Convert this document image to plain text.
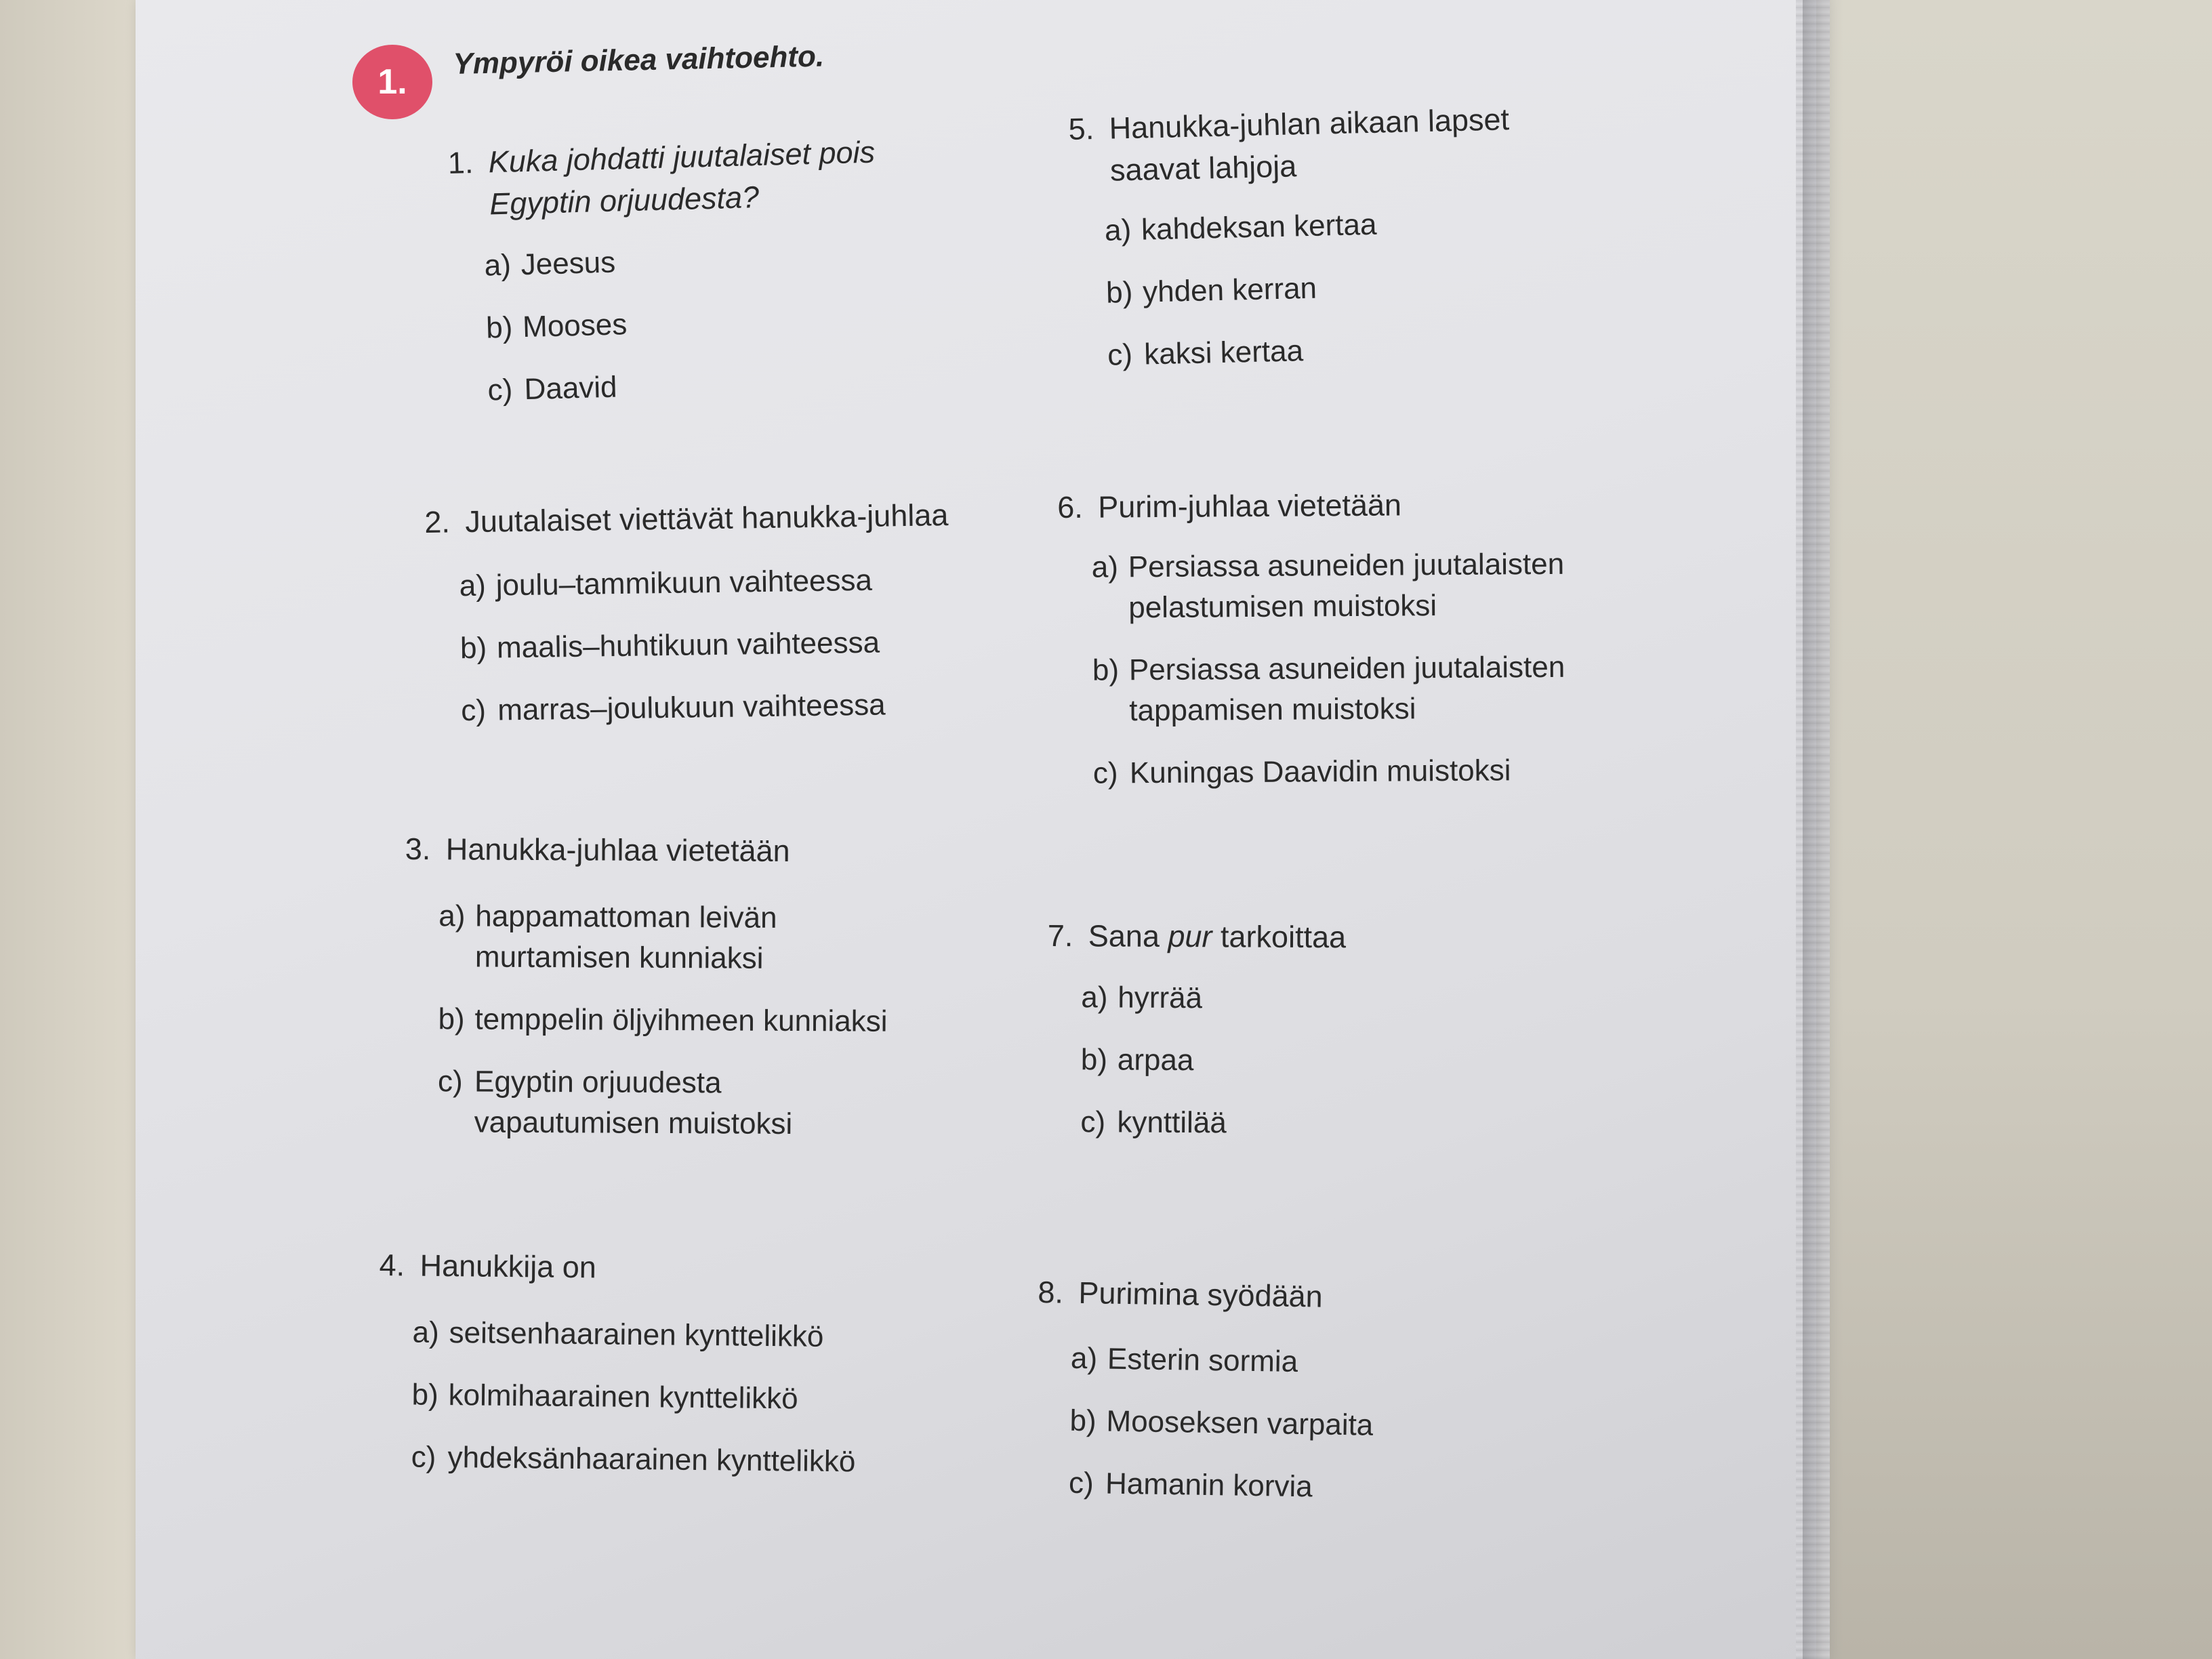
1.
Ympyröi oikea vaihtoehto.
1. Kuka johdatti juutalaiset pois Egyptin orjuudesta?
a) Jeesus
b) Mooses
c) Daavid
2. Juutalaiset viettävät hanukka-juhlaa
a) joulu–tammikuun vaihteessa
b) maalis–huhtikuun vaihteessa
c) marras–joulukuun vaihteessa
3. Hanukka-juhlaa vietetään
a) happamattoman leivän murtamisen kunniaksi
b) temppelin öljyihmeen kunniaksi
c) Egyptin orjuudesta vapautumisen muistoksi
4. Hanukkija on
a) seitsenhaarainen kynttelikkö
b) kolmihaarainen kynttelikkö
c) yhdeksänhaarainen kynttelikkö
5. Hanukka-juhlan aikaan lapset saavat lahjoja
a) kahdeksan kertaa
b) yhden kerran
c) kaksi kertaa
6. Purim-juhlaa vietetään
a) Persiassa asuneiden juutalaisten pelastumisen muistoksi
b) Persiassa asuneiden juutalaisten tappamisen muistoksi
c) Kuningas Daavidin muistoksi
7. Sana pur tarkoittaa
a) hyrrää
b) arpaa
c) kynttilää
8. Purimina syödään
a) Esterin sormia
b) Mooseksen varpaita
c) Hamanin korvia
